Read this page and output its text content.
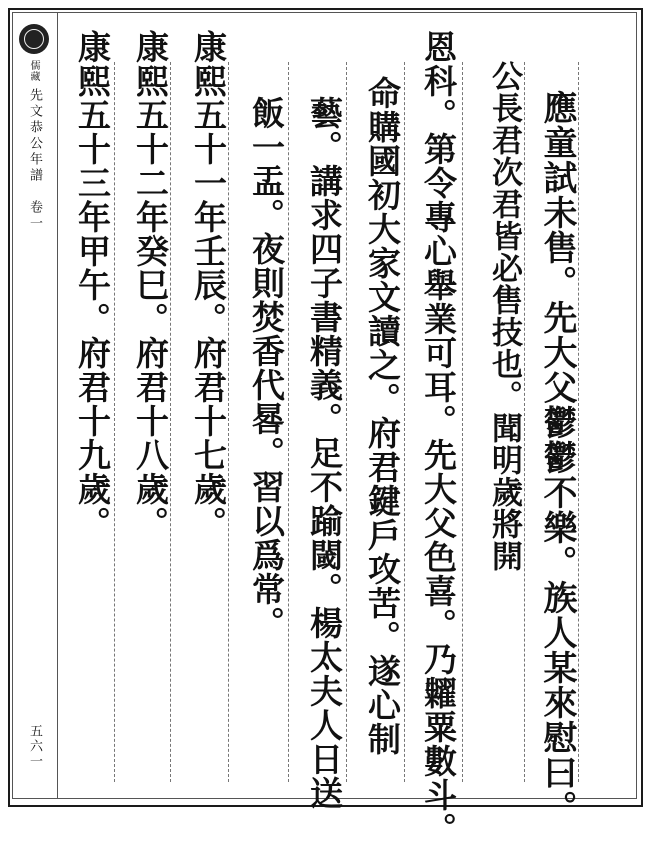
儒藏
先文恭公年譜　卷一
五六一	應童試未售。先大父鬱鬱不樂。族人某來慰曰。
公長君次君皆必售技也。聞明歲將開
恩科。第令專心舉業可耳。先大父色喜。乃糶粟數斗。
命購國初大家文讀之。府君鍵戶攻苦。遂心制
藝。講求四子書精義。足不踰閾。楊太夫人日送
飯一盂。夜則焚香代晷。習以爲常。
康熙五十一年壬辰。府君十七歲。
康熙五十二年癸巳。府君十八歲。
康熙五十三年甲午。府君十九歲。
